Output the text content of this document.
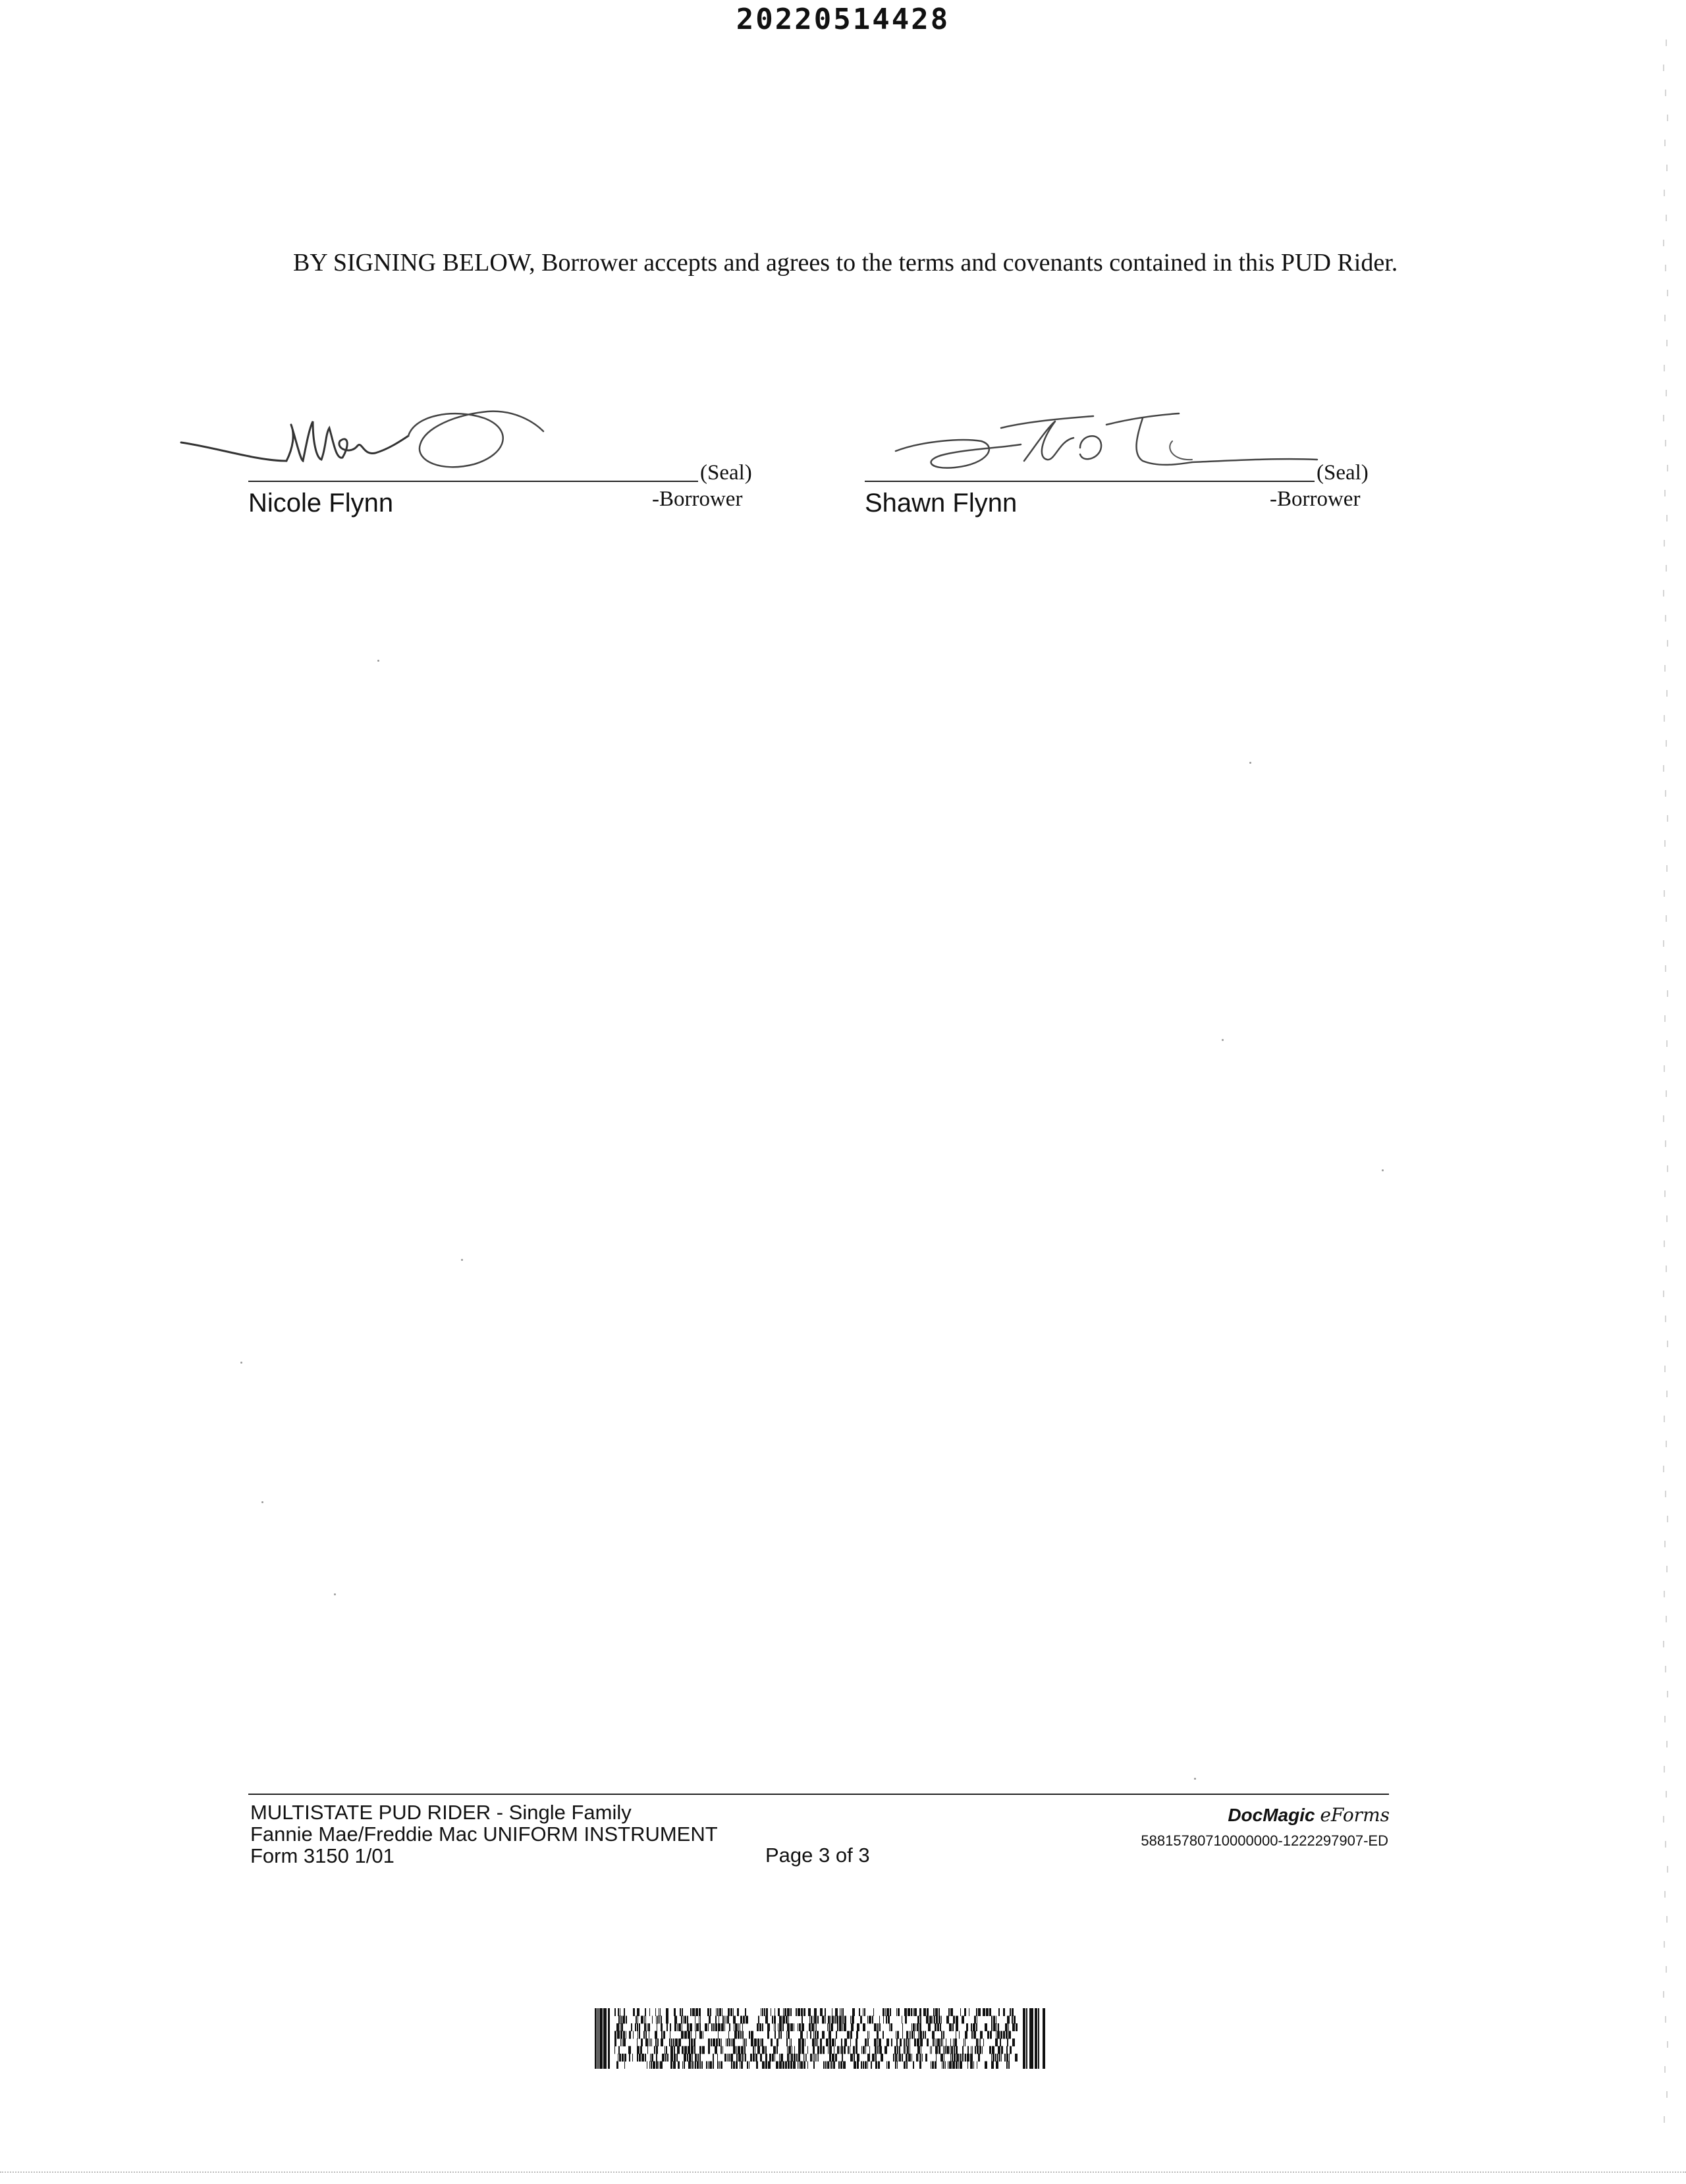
20220514428
BY SIGNING BELOW, Borrower accepts and agrees to the terms and covenants contained in this PUD Rider.
(Seal)
Nicole Flynn	-Borrower
(Seal)
Shawn Flynn	-Borrower
MULTISTATE PUD RIDER - Single Family
Fannie Mae/Freddie Mac UNIFORM INSTRUMENT
Form 3150 1/01	Page 3 of 3
DocMagic eForms
58815780710000000-1222297907-ED
